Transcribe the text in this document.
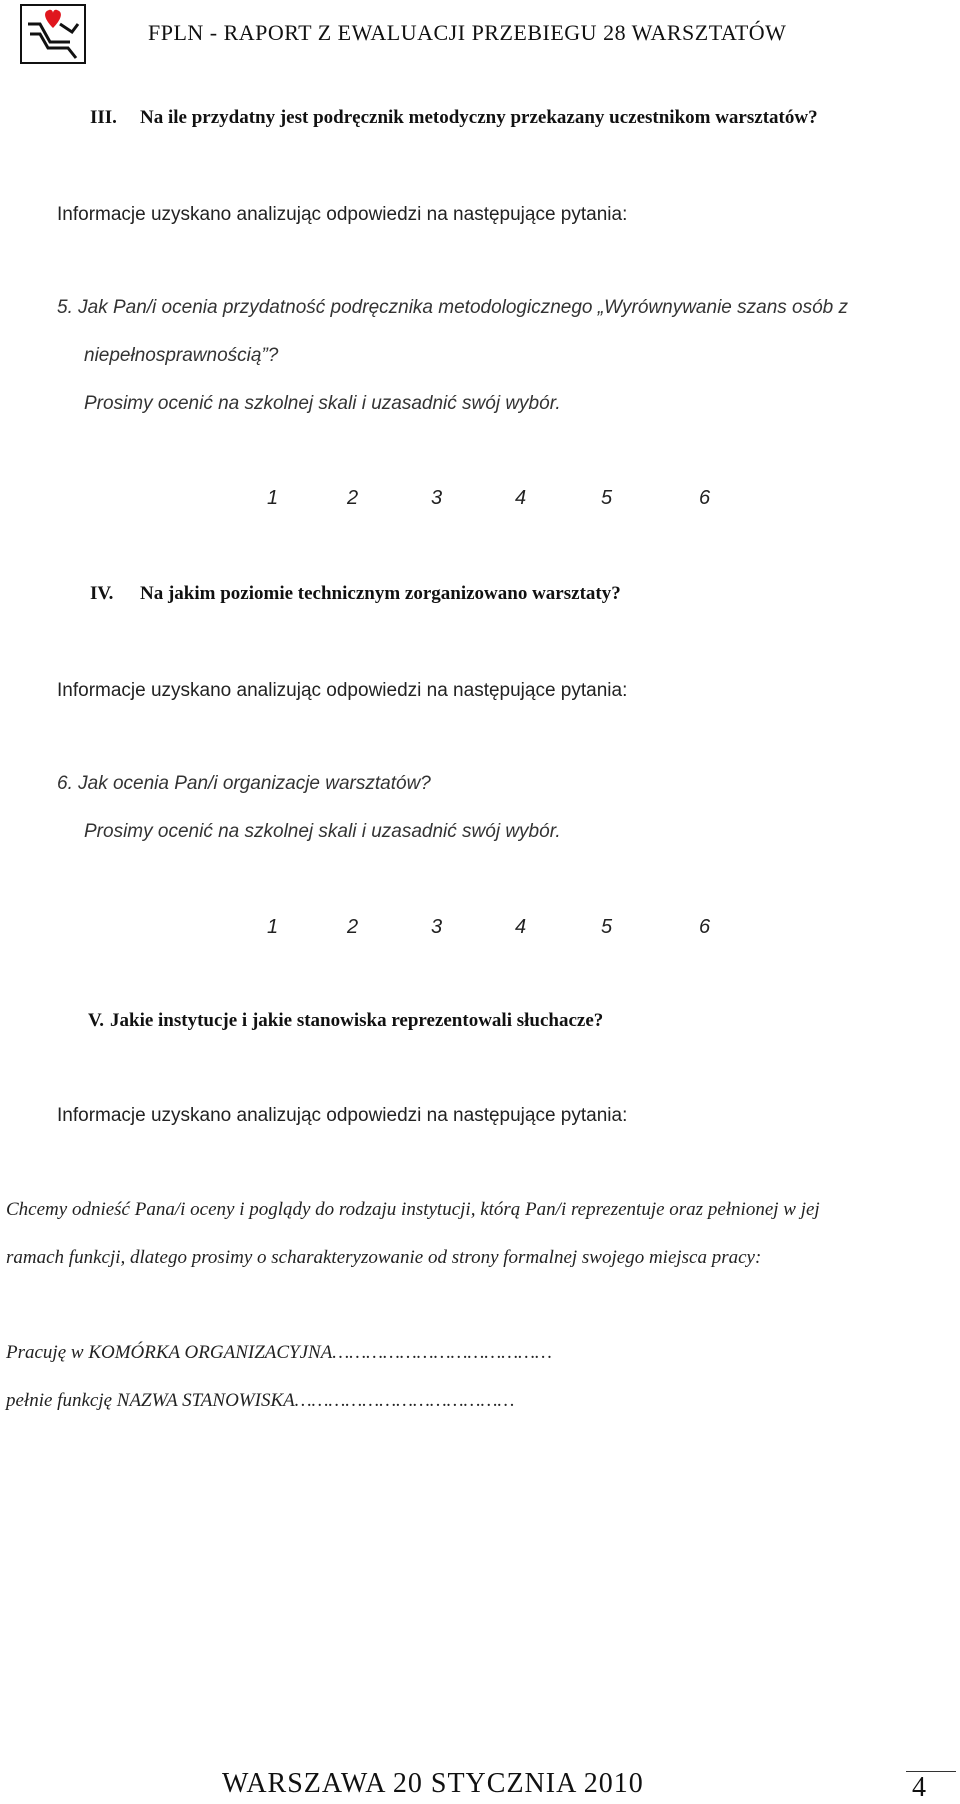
FPLN - RAPORT Z EWALUACJI PRZEBIEGU 28 WARSZTATÓW
III. Na ile przydatny jest podręcznik metodyczny przekazany uczestnikom warsztatów?
Informacje uzyskano analizując odpowiedzi na następujące pytania:
5. Jak Pan/i ocenia przydatność podręcznika metodologicznego „Wyrównywanie szans osób z
niepełnosprawnością”?
Prosimy ocenić na szkolnej skali i uzasadnić swój wybór.
1	2	3	4	5	6
IV. Na jakim poziomie technicznym zorganizowano warsztaty?
Informacje uzyskano analizując odpowiedzi na następujące pytania:
6. Jak ocenia Pan/i organizacje warsztatów?
Prosimy ocenić na szkolnej skali i uzasadnić swój wybór.
1	2	3	4	5	6
V. Jakie instytucje i jakie stanowiska reprezentowali słuchacze?
Informacje uzyskano analizując odpowiedzi na następujące pytania:
Chcemy odnieść Pana/i oceny i poglądy do rodzaju instytucji, którą Pan/i reprezentuje oraz pełnionej w jej
ramach funkcji, dlatego prosimy o scharakteryzowanie od strony formalnej swojego miejsca pracy:
Pracuję w KOMÓRKA ORGANIZACYJNA…………………………………
pełnie funkcję NAZWA STANOWISKA…………………………………
WARSZAWA 20 STYCZNIA 2010	4
